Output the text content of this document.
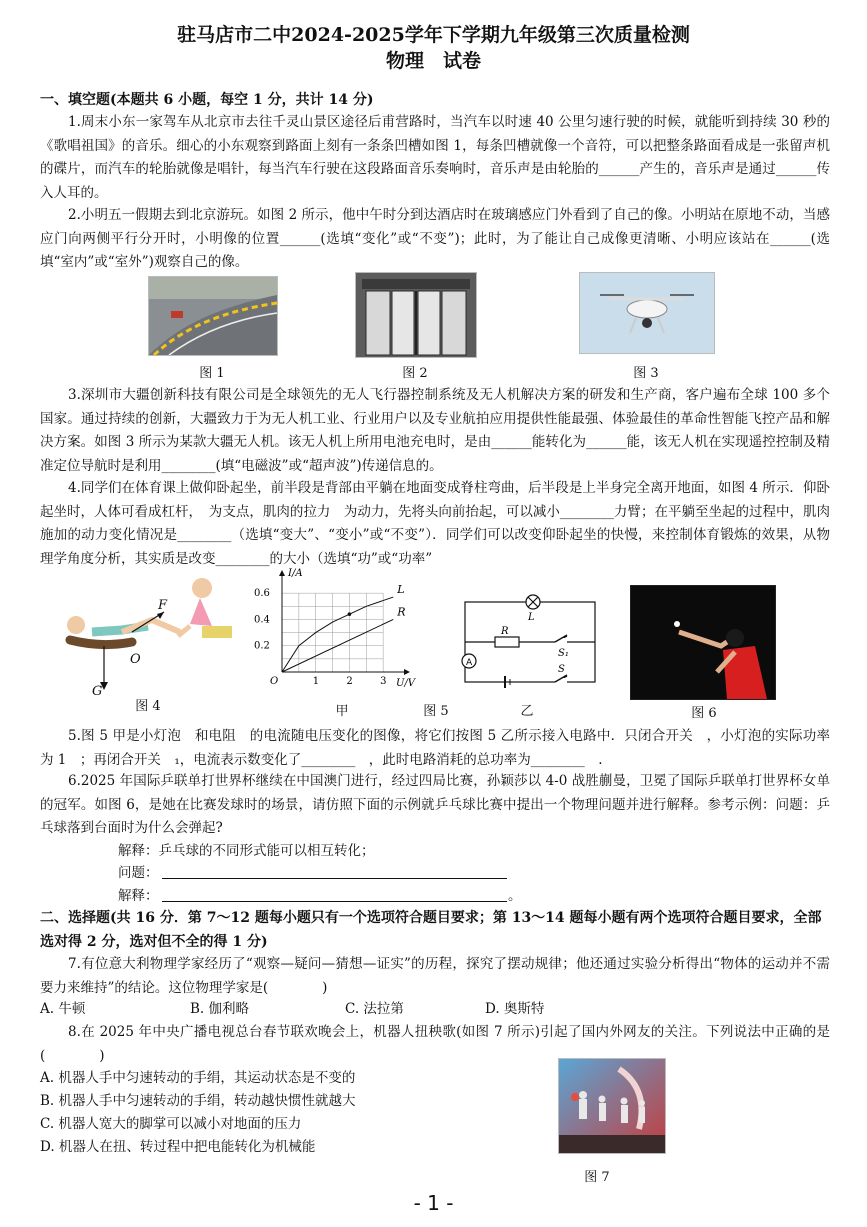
驻马店市二中2024-2025学年下学期九年级第三次质量检测
物理　试卷
一、填空题(本题共 6 小题，每空 1 分，共计 14 分)
1.周末小东一家驾车从北京市去往千灵山景区途径后甫营路时，当汽车以时速 40 公里匀速行驶的时候，就能听到持续 30 秒的《歌唱祖国》的音乐。细心的小东观察到路面上刻有一条条凹槽如图 1，每条凹槽就像一个音符，可以把整条路面看成是一张留声机的碟片，而汽车的轮胎就像是唱针，每当汽车行驶在这段路面音乐奏响时，音乐声是由轮胎的______产生的，音乐声是通过______传入人耳的。
2.小明五一假期去到北京游玩。如图 2 所示，他中午时分到达酒店时在玻璃感应门外看到了自己的像。小明站在原地不动，当感应门向两侧平行分开时，小明像的位置______(选填“变化”或“不变”)；此时，为了能让自己成像更清晰、小明应该站在______(选填“室内”或“室外”)观察自己的像。
图 1	图 2	图 3
3.深圳市大疆创新科技有限公司是全球领先的无人飞行器控制系统及无人机解决方案的研发和生产商，客户遍布全球 100 多个国家。通过持续的创新，大疆致力于为无人机工业、行业用户以及专业航拍应用提供性能最强、体验最佳的革命性智能飞控产品和解决方案。如图 3 所示为某款大疆无人机。该无人机上所用电池充电时，是由______能转化为______能，该无人机在实现遥控控制及精准定位导航时是利用________(填“电磁波”或“超声波”)传递信息的。
4.同学们在体育课上做仰卧起坐，前半段是背部由平躺在地面变成脊柱弯曲，后半段是上半身完全离开地面，如图 4 所示．仰卧起坐时，人体可看成杠杆，　为支点，肌肉的拉力　为动力，先将头向前抬起，可以减小________力臂；在平躺至坐起的过程中，肌肉施加的动力变化情况是________（选填“变大”、“变小”或“不变”）．同学们可以改变仰卧起坐的快慢，来控制体育锻炼的效果，从物理学角度分析，其实质是改变________的大小（选填“功”或“功率”
F
O
G
图 4
1	2	3
0.2
0.4
0.6
O	U/V
I/A
L
R
甲
A
L
R
S₁
S
图 5	乙	图 6
5.图 5 甲是小灯泡　和电阻　的电流随电压变化的图像，将它们按图 5 乙所示接入电路中．只闭合开关　，小灯泡的实际功率为 1　；再闭合开关　₁，电流表示数变化了________　，此时电路消耗的总功率为________　.
6.2025 年国际乒联单打世界杯继续在中国澳门进行，经过四局比赛，孙颖莎以 4-0 战胜蒯曼，卫冕了国际乒联单打世界杯女单的冠军。如图 6，是她在比赛发球时的场景，请仿照下面的示例就乒乓球比赛中提出一个物理问题并进行解释。参考示例：问题：乒乓球落到台面时为什么会弹起?
解释：乒乓球的不同形式能可以相互转化；
问题：
解释：	。
二、选择题(共 16 分．第 7～12 题每小题只有一个选项符合题目要求；第 13～14 题每小题有两个选项符合题目要求，全部选对得 2 分，选对但不全的得 1 分)
7.有位意大利物理学家经历了“观察—疑问—猜想—证实”的历程，探究了摆动规律；他还通过实验分析得出“物体的运动并不需要力来维持”的结论。这位物理学家是(　　　　)
A. 牛顿	B. 伽利略	C. 法拉第	D. 奥斯特
8.在 2025 年中央广播电视总台春节联欢晚会上，机器人扭秧歌(如图 7 所示)引起了国内外网友的关注。下列说法中正确的是(　　　　)
A. 机器人手中匀速转动的手绢，其运动状态是不变的
B. 机器人手中匀速转动的手绢，转动越快惯性就越大
C. 机器人宽大的脚掌可以减小对地面的压力
D. 机器人在扭、转过程中把电能转化为机械能
图 7
- 1 -
